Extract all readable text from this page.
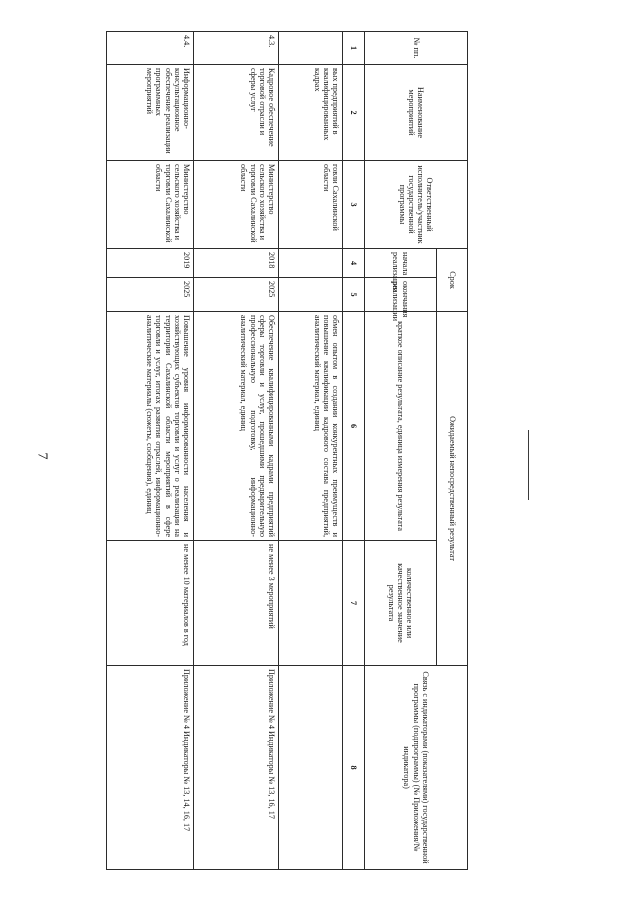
7
№ пп.	Наименование мероприятий	Ответственный исполнитель/участник государственной программы	Срок		Ожидаемый непосредственный результат		Связь с индикаторами (показателями) государственной программы (подпрограммы) (№ Приложения/№ индикатора)
			начала реализации	окончания реализации	краткое описание результата, единица измерения результата	количественное или качественное значение результата	
1	2	3	4	5	6	7	8
	вых предприятий в квалифицированных кадрах	говли Сахалинской области			обмен опытом в создании конкурентных преимуществ и повышение квалификации кадрового состава предприятий, аналитический материал, единиц		
4.3.	Кадровое обеспечение торговой отрасли и сферы услуг	Министерство сельского хозяйства и торговли Сахалинской области	2018	2025	Обеспечение квалифицированными кадрами предприятий сферы торговли и услуг, прошедшими предварительную профессиональную подготовку, информационно-аналитический материал, единиц	не менее 3 мероприятий	Приложение № 4 Индикаторы № 13, 16, 17
4.4.	Информационно-консультационное обеспечение реализации программных мероприятий	Министерство сельского хозяйства и торговли Сахалинской области	2019	2025	Повышение уровня информированности населения и хозяйствующих субъектов торговли и услуг о реализации на территории Сахалинской области мероприятий в сфере торговли и услуг, итогах развития отраслей, информационно-аналитические материалы (сюжеты, сообщения), единиц	не менее 10 материалов в год	Приложение № 4 Индикаторы № 13, 14, 16, 17
